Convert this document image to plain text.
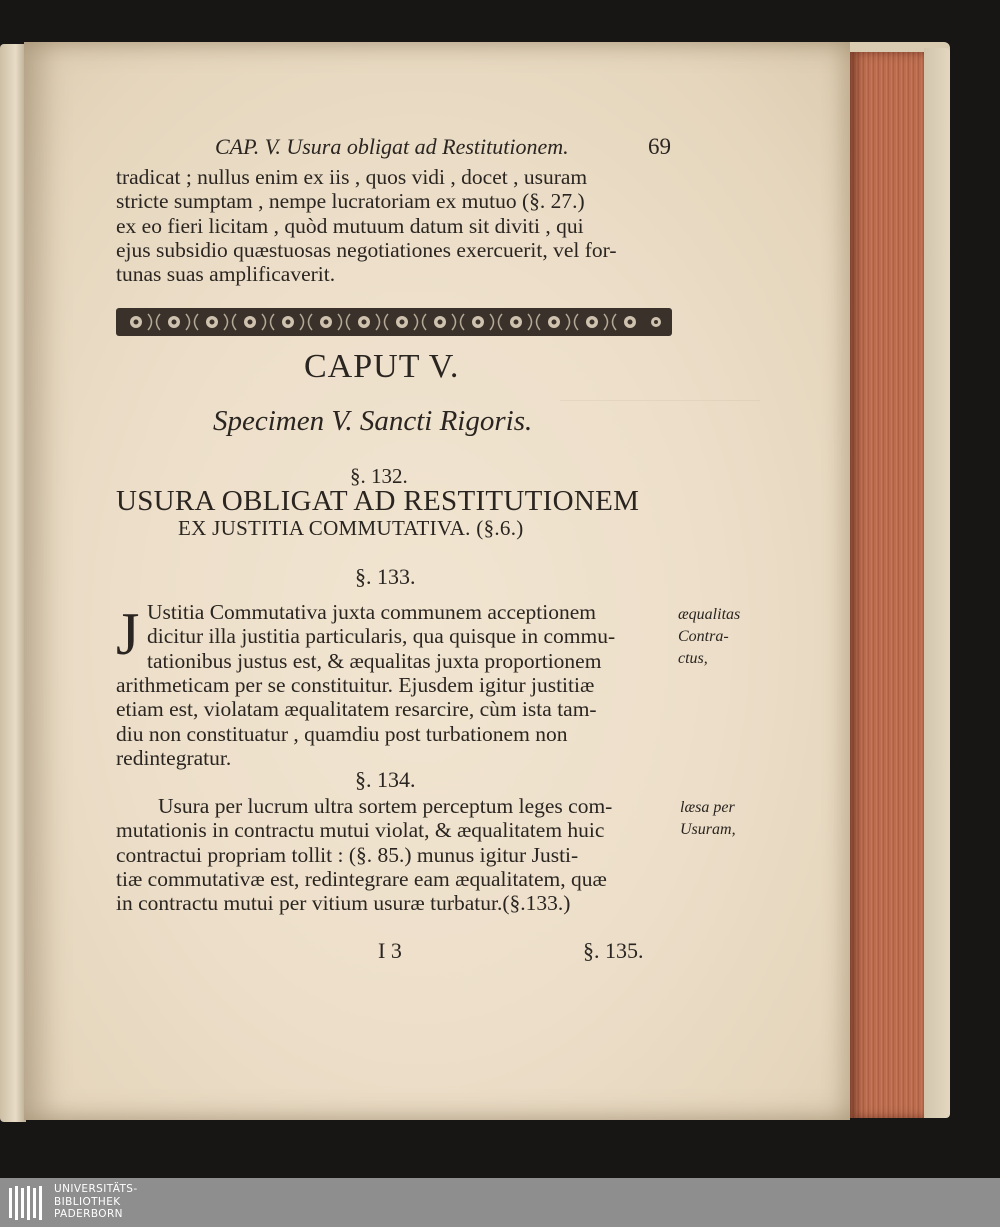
CAP. V. Usura obligat ad Restitutionem.	69
tradicat ; nullus enim ex iis , quos vidi , docet , usuram
stricte sumptam , nempe lucratoriam ex mutuo (§. 27.)
ex eo fieri licitam , quòd mutuum datum sit diviti , qui
ejus subsidio quæstuosas negotiationes exercuerit, vel for-
tunas suas amplificaverit.
CAPUT V.
Specimen V. Sancti Rigoris.
§. 132.
USURA OBLIGAT AD RESTITUTIONEM
EX JUSTITIA COMMUTATIVA. (§.6.)
§. 133.
J Ustitia Commutativa juxta communem acceptionem
dicitur illa justitia particularis, qua quisque in commu-
tationibus justus est, & æqualitas juxta proportionem
arithmeticam per se constituitur. Ejusdem igitur justitiæ
etiam est, violatam æqualitatem resarcire, cùm ista tam-
diu non constituatur , quamdiu post turbationem non
redintegratur.
æqualitas
Contra-
ctus,
§. 134.
Usura per lucrum ultra sortem perceptum leges com-
mutationis in contractu mutui violat, & æqualitatem huic
contractui propriam tollit : (§. 85.) munus igitur Justi-
tiæ commutativæ est, redintegrare eam æqualitatem, quæ
in contractu mutui per vitium usuræ turbatur.(§.133.)
læsa per
Usuram,
I 3	§. 135.
UNIVERSITÄTS-
BIBLIOTHEK
PADERBORN
